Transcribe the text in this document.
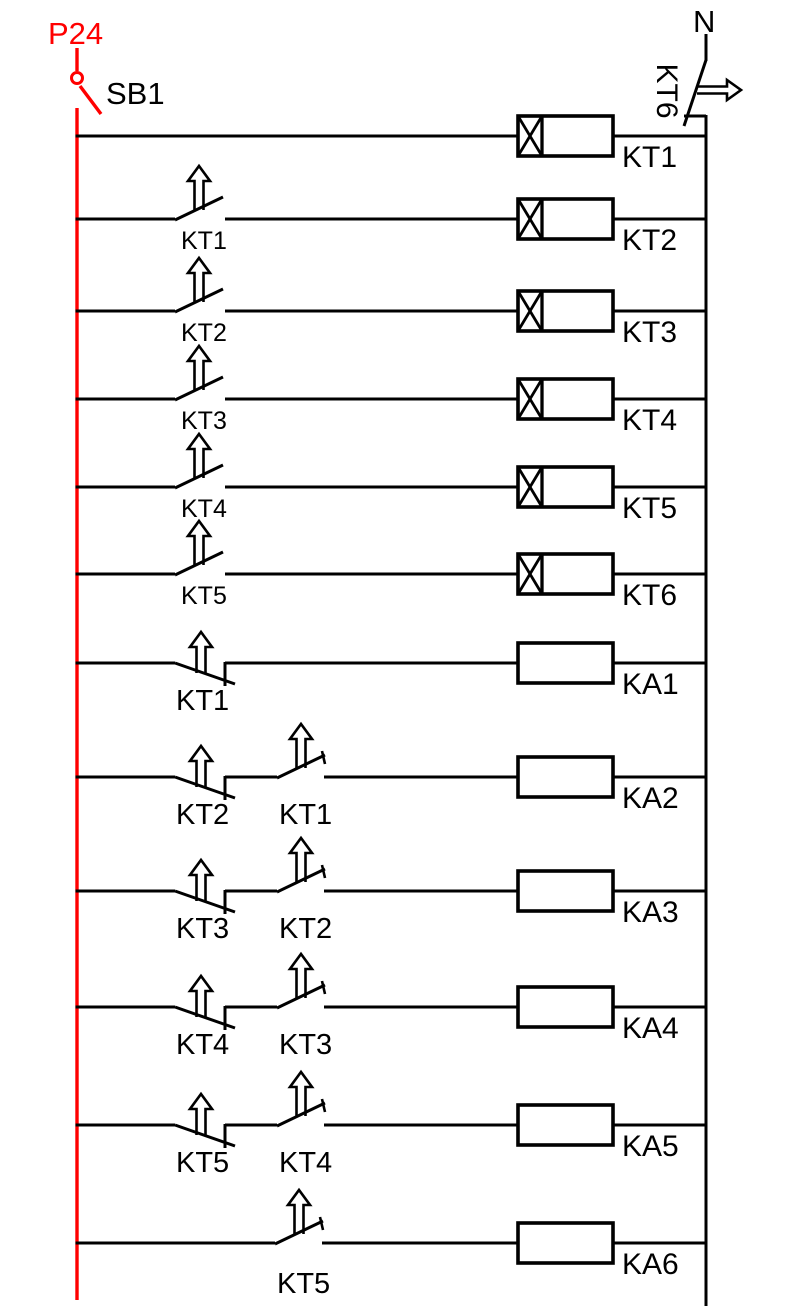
P24
SB1
N
KT6
KT1
KT1	KT2
KT2	KT3
KT3	KT4
KT4	KT5
KT5	KT6
KT1	KA1
KT2 KT1	KA2
KT3 KT2	KA3
KT4 KT3	KA4
KT5 KT4	KA5
KT5
KA6
